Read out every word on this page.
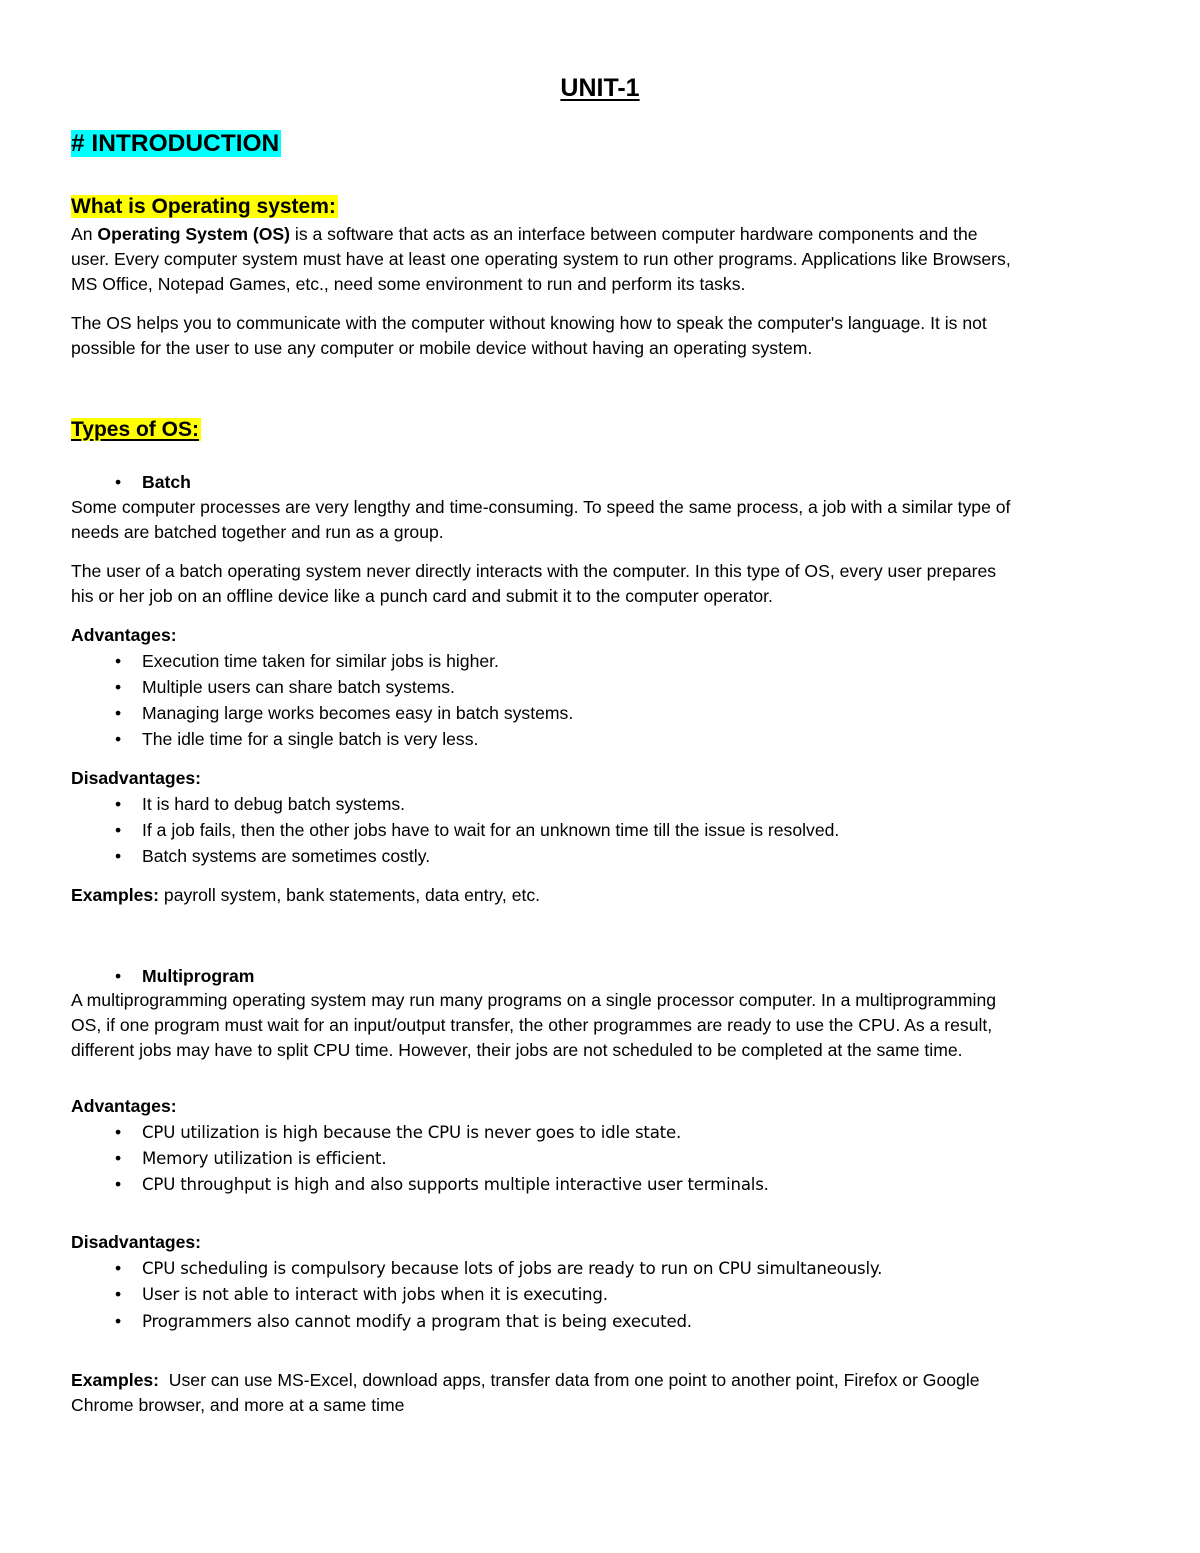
UNIT-1
# INTRODUCTION
What is Operating system:
An Operating System (OS) is a software that acts as an interface between computer hardware components and the
user. Every computer system must have at least one operating system to run other programs. Applications like Browsers,
MS Office, Notepad Games, etc., need some environment to run and perform its tasks.
The OS helps you to communicate with the computer without knowing how to speak the computer's language. It is not
possible for the user to use any computer or mobile device without having an operating system.
Types of OS:
• Batch
Some computer processes are very lengthy and time-consuming. To speed the same process, a job with a similar type of
needs are batched together and run as a group.
The user of a batch operating system never directly interacts with the computer. In this type of OS, every user prepares
his or her job on an offline device like a punch card and submit it to the computer operator.
Advantages:
• Execution time taken for similar jobs is higher.
• Multiple users can share batch systems.
• Managing large works becomes easy in batch systems.
• The idle time for a single batch is very less.
Disadvantages:
• It is hard to debug batch systems.
• If a job fails, then the other jobs have to wait for an unknown time till the issue is resolved.
• Batch systems are sometimes costly.
Examples: payroll system, bank statements, data entry, etc.
• Multiprogram
A multiprogramming operating system may run many programs on a single processor computer. In a multiprogramming
OS, if one program must wait for an input/output transfer, the other programmes are ready to use the CPU. As a result,
different jobs may have to split CPU time. However, their jobs are not scheduled to be completed at the same time.
Advantages:
• CPU utilization is high because the CPU is never goes to idle state.
• Memory utilization is efficient.
• CPU throughput is high and also supports multiple interactive user terminals.
Disadvantages:
• CPU scheduling is compulsory because lots of jobs are ready to run on CPU simultaneously.
• User is not able to interact with jobs when it is executing.
• Programmers also cannot modify a program that is being executed.
Examples:  User can use MS-Excel, download apps, transfer data from one point to another point, Firefox or Google
Chrome browser, and more at a same time
